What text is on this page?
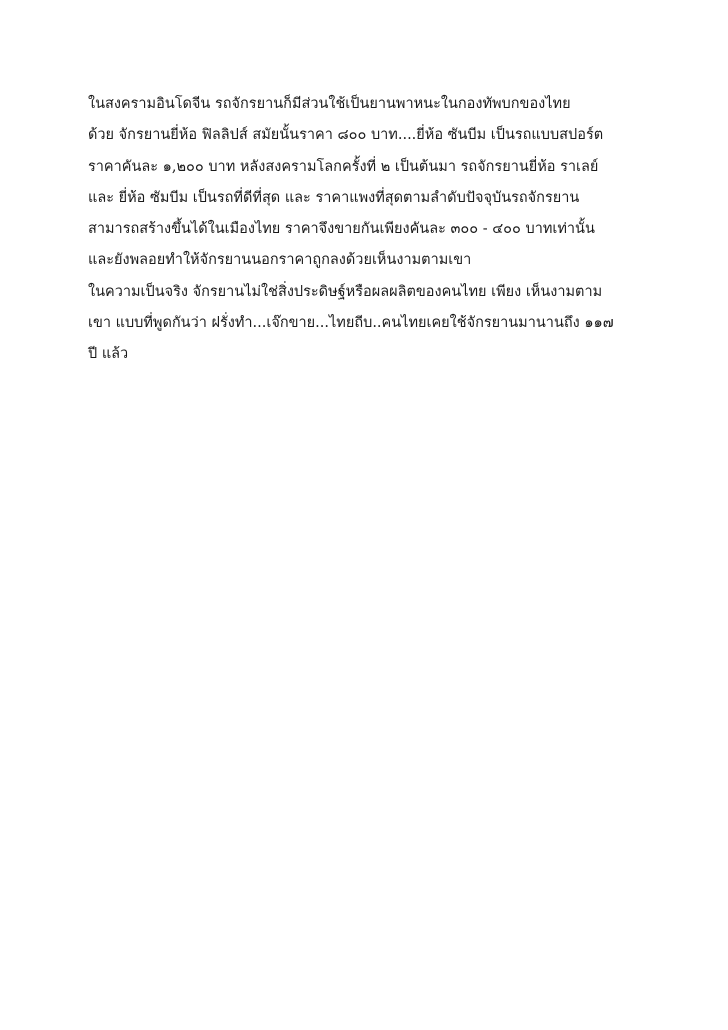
ในสงครามอินโดจีน รถจักรยานก็มีส่วนใช้เป็นยานพาหนะในกองทัพบกของไทย
ด้วย จักรยานยี่ห้อ ฟิลลิปส์ สมัยนั้นราคา ๘๐๐ บาท....ยี่ห้อ ซันบีม เป็นรถแบบสปอร์ต
ราคาคันละ ๑,๒๐๐ บาท หลังสงครามโลกครั้งที่ ๒ เป็นต้นมา รถจักรยานยี่ห้อ ราเลย์
และ ยี่ห้อ ซัมบีม เป็นรถที่ดีที่สุด และ ราคาแพงที่สุดตามลำดับปัจจุบันรถจักรยาน
สามารถสร้างขึ้นได้ในเมืองไทย ราคาจึงขายกันเพียงคันละ ๓๐๐ - ๔๐๐ บาทเท่านั้น
และยังพลอยทำให้จักรยานนอกราคาถูกลงด้วยเห็นงามตามเขา
ในความเป็นจริง จักรยานไม่ใช่สิ่งประดิษฐ์หรือผลผลิตของคนไทย เพียง เห็นงามตาม
เขา แบบที่พูดกันว่า ฝรั่งทำ...เจ๊กขาย...ไทยถีบ..คนไทยเคยใช้จักรยานมานานถึง ๑๑๗
ปี แล้ว
